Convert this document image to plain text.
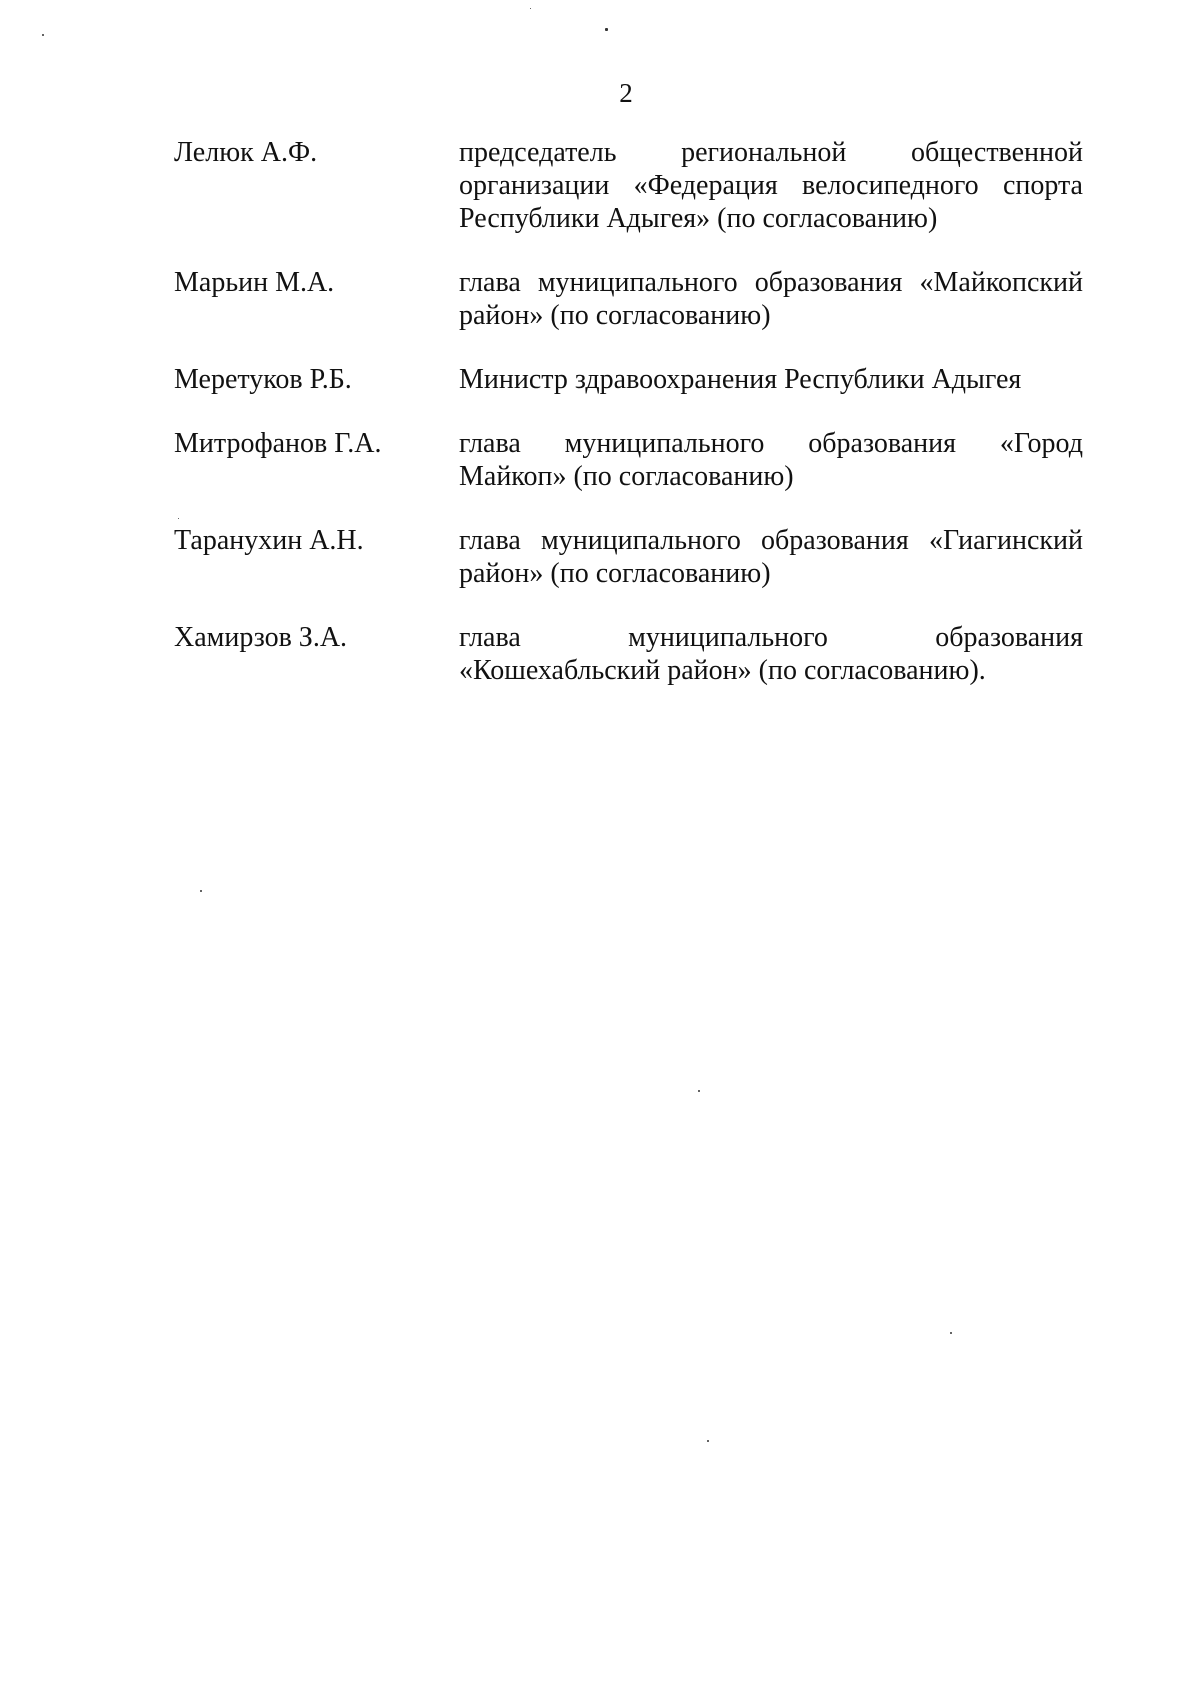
2
Лелюк А.Ф.	председатель региональной общественной организации «Федерация велосипедного спорта Республики Адыгея» (по согласованию)
Марьин М.А.	глава муниципального образования «Майкопский район» (по согласованию)
Меретуков Р.Б.	Министр здравоохранения Республики Адыгея
Митрофанов Г.А.	глава муниципального образования «Город Майкоп» (по согласованию)
Таранухин А.Н.	глава муниципального образования «Гиагинский район» (по согласованию)
Хамирзов З.А.	глава муниципального образования «Кошехабльский район» (по согласованию).
